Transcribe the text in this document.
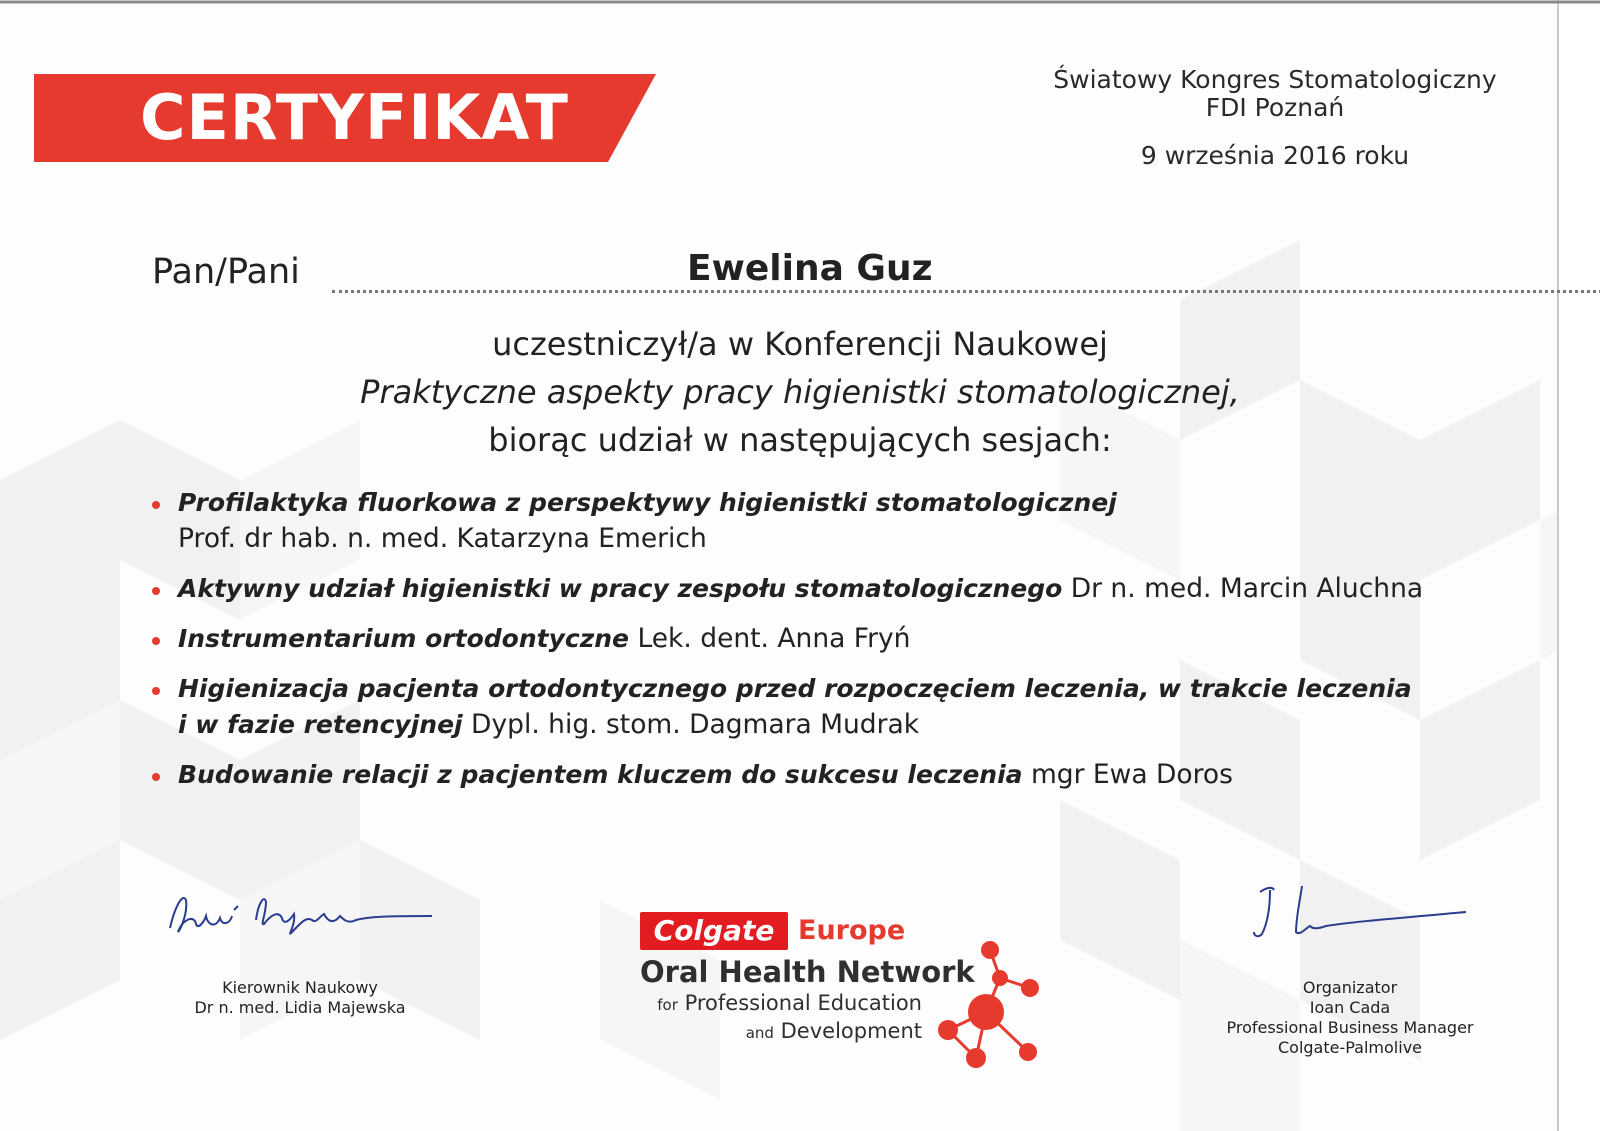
CERTYFIKAT
Światowy Kongres Stomatologiczny
FDI Poznań
9 września 2016 roku
Pan/Pani	Ewelina Guz
uczestniczył/a w Konferencji Naukowej
Praktyczne aspekty pracy higienistki stomatologicznej,
biorąc udział w następujących sesjach:
Profilaktyka fluorkowa z perspektywy higienistki stomatologicznej
Prof. dr hab. n. med. Katarzyna Emerich
Aktywny udział higienistki w pracy zespołu stomatologicznego Dr n. med. Marcin Aluchna
Instrumentarium ortodontyczne Lek. dent. Anna Fryń
Higienizacja pacjenta ortodontycznego przed rozpoczęciem leczenia, w trakcie leczenia
i w fazie retencyjnej Dypl. hig. stom. Dagmara Mudrak
Budowanie relacji z pacjentem kluczem do sukcesu leczenia mgr Ewa Doros
Kierownik Naukowy
Dr n. med. Lidia Majewska
Organizator
Ioan Cada
Professional Business Manager
Colgate-Palmolive
Colgate Europe
Oral Health Network
for Professional Education
and Development
